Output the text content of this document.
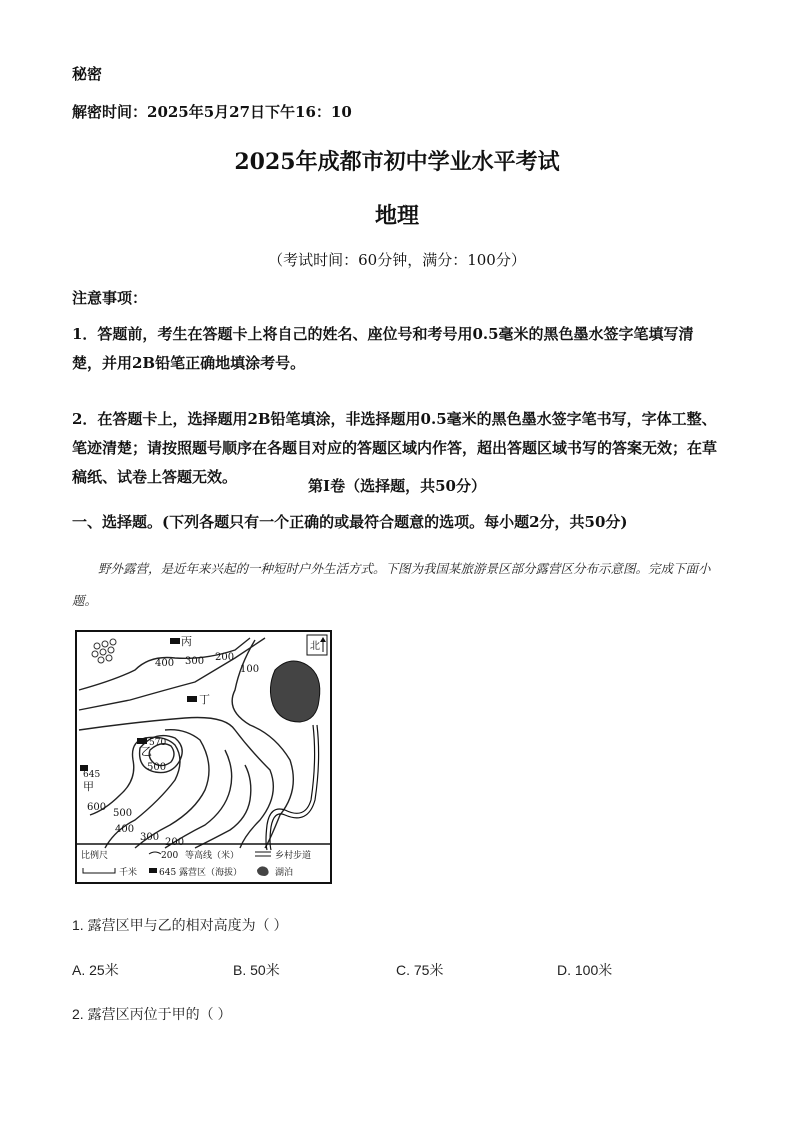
秘密
解密时间：2025年5月27日下午16：10
2025年成都市初中学业水平考试
地理
（考试时间：60分钟，满分：100分）
注意事项：
1．答题前，考生在答题卡上将自己的姓名、座位号和考号用0.5毫米的黑色墨水签字笔填写清楚，并用2B铅笔正确地填涂考号。
2．在答题卡上，选择题用2B铅笔填涂，非选择题用0.5毫米的黑色墨水签字笔书写，字体工整、笔迹清楚；请按照题号顺序在各题目对应的答题区域内作答，超出答题区域书写的答案无效；在草稿纸、试卷上答题无效。	第Ⅰ卷（选择题，共50分）
一、选择题。(下列各题只有一个正确的或最符合题意的选项。每小题2分，共50分)
野外露营，是近年来兴起的一种短时户外生活方式。下图为我国某旅游景区部分露营区分布示意图。完成下面小题。
北
400 300 200
100
500
600
500
400
300 200
丙
丁
570
乙
645
甲
比例尺
千米
200 等高线（米）
645 露营区（海拔）
乡村步道
湖泊
1. 露营区甲与乙的相对高度为（ ）
A. 25米	B. 50米	C. 75米	D. 100米
2. 露营区丙位于甲的（ ）
